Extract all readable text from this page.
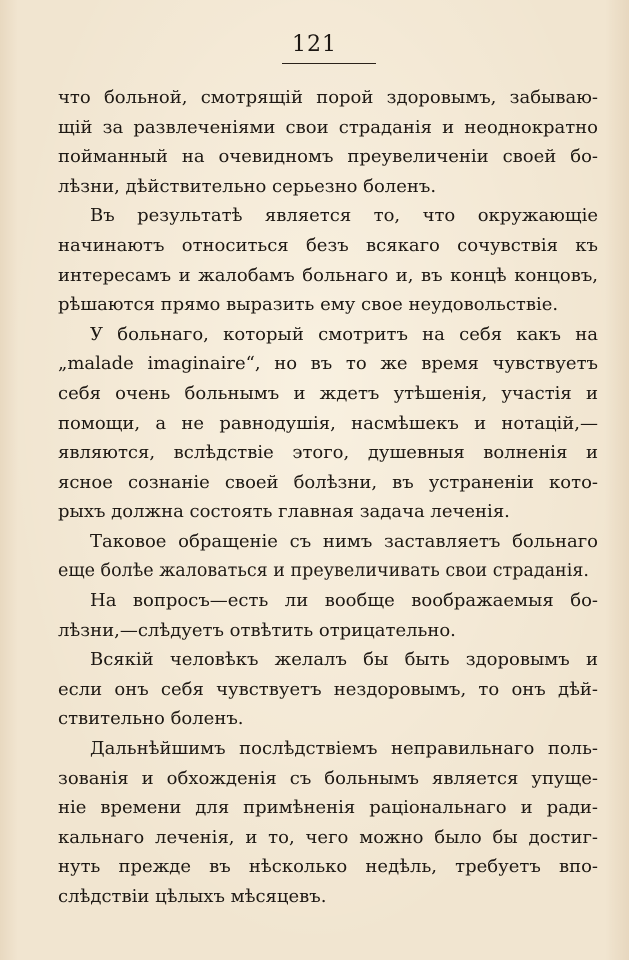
121
что больной, смотрящій порой здоровымъ, забываю-
щій за развлеченіями свои страданія и неоднократно
пойманный на очевидномъ преувеличеніи своей бо-
лѣзни, дѣйствительно серьезно боленъ.
Въ результатѣ является то, что окружающіе
начинаютъ относиться безъ всякаго сочувствія къ
интересамъ и жалобамъ больнаго и, въ концѣ концовъ,
рѣшаются прямо выразить ему свое неудовольствіе.
У больнаго, который смотритъ на себя какъ на
„malade imaginaire“, но въ то же время чувствуетъ
себя очень больнымъ и ждетъ утѣшенія, участія и
помощи, а не равнодушія, насмѣшекъ и нотацій,—
являются, вслѣдствіе этого, душевныя волненія и
ясное сознаніе своей болѣзни, въ устраненіи кото-
рыхъ должна состоять главная задача леченія.
Таковое обращеніе съ нимъ заставляетъ больнаго
еще болѣе жаловаться и преувеличивать свои страданія.
На вопросъ—есть ли вообще воображаемыя бо-
лѣзни,—слѣдуетъ отвѣтить отрицательно.
Всякій человѣкъ желалъ бы быть здоровымъ и
если онъ себя чувствуетъ нездоровымъ, то онъ дѣй-
ствительно боленъ.
Дальнѣйшимъ послѣдствіемъ неправильнаго поль-
зованія и обхожденія съ больнымъ является упуще-
ніе времени для примѣненія раціональнаго и ради-
кальнаго леченія, и то, чего можно было бы достиг-
нуть прежде въ нѣсколько недѣль, требуетъ впо-
слѣдствіи цѣлыхъ мѣсяцевъ.
